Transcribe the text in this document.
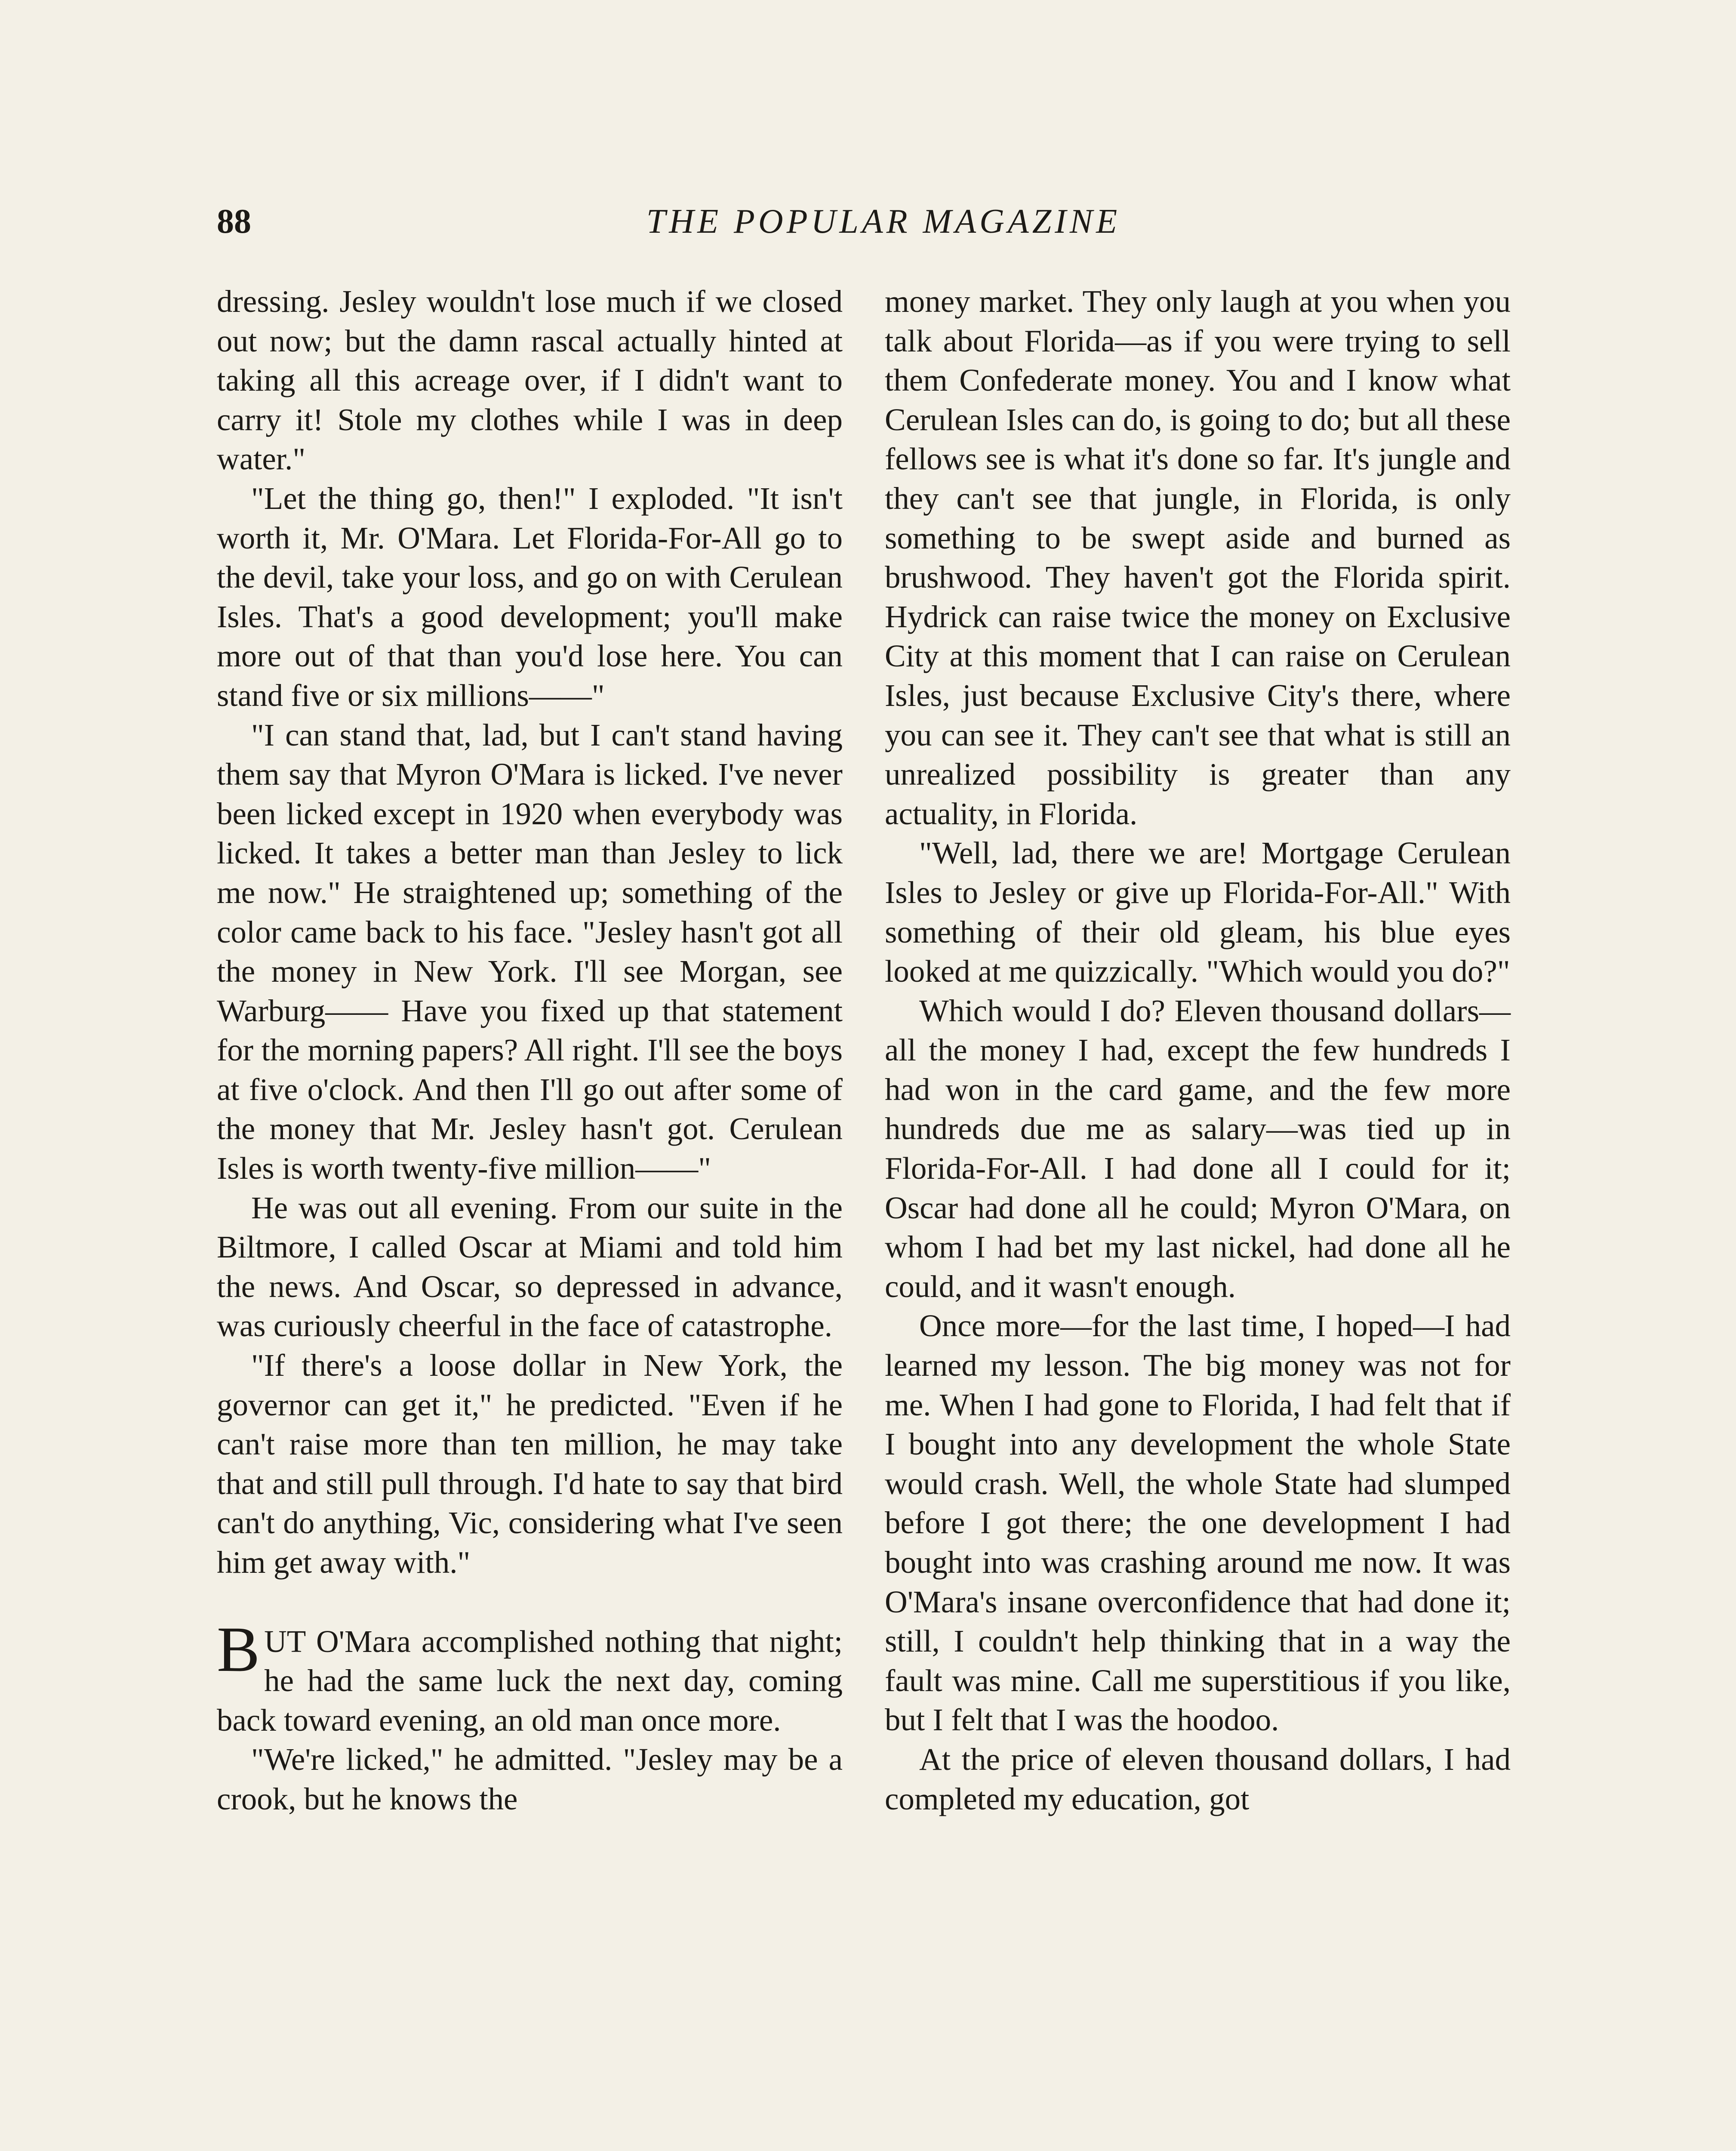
88	THE POPULAR MAGAZINE

dressing. Jesley wouldn't lose much if we closed out now; but the damn rascal actually hinted at taking all this acreage over, if I didn't want to carry it! Stole my clothes while I was in deep water."

"Let the thing go, then!" I exploded. "It isn't worth it, Mr. O'Mara. Let Florida-For-All go to the devil, take your loss, and go on with Cerulean Isles. That's a good development; you'll make more out of that than you'd lose here. You can stand five or six millions——"

"I can stand that, lad, but I can't stand having them say that Myron O'Mara is licked. I've never been licked except in 1920 when everybody was licked. It takes a better man than Jesley to lick me now." He straightened up; something of the color came back to his face. "Jesley hasn't got all the money in New York. I'll see Morgan, see Warburg—— Have you fixed up that statement for the morning papers? All right. I'll see the boys at five o'clock. And then I'll go out after some of the money that Mr. Jesley hasn't got. Cerulean Isles is worth twenty-five million——"

He was out all evening. From our suite in the Biltmore, I called Oscar at Miami and told him the news. And Oscar, so depressed in advance, was curiously cheerful in the face of catastrophe.

"If there's a loose dollar in New York, the governor can get it," he predicted. "Even if he can't raise more than ten million, he may take that and still pull through. I'd hate to say that bird can't do anything, Vic, considering what I've seen him get away with."

BUT O'Mara accomplished nothing that night; he had the same luck the next day, coming back toward evening, an old man once more.

"We're licked," he admitted. "Jesley may be a crook, but he knows the

money market. They only laugh at you when you talk about Florida—as if you were trying to sell them Confederate money. You and I know what Cerulean Isles can do, is going to do; but all these fellows see is what it's done so far. It's jungle and they can't see that jungle, in Florida, is only something to be swept aside and burned as brushwood. They haven't got the Florida spirit. Hydrick can raise twice the money on Exclusive City at this moment that I can raise on Cerulean Isles, just because Exclusive City's there, where you can see it. They can't see that what is still an unrealized possibility is greater than any actuality, in Florida.

"Well, lad, there we are! Mortgage Cerulean Isles to Jesley or give up Florida-For-All." With something of their old gleam, his blue eyes looked at me quizzically. "Which would you do?"

Which would I do? Eleven thousand dollars—all the money I had, except the few hundreds I had won in the card game, and the few more hundreds due me as salary—was tied up in Florida-For-All. I had done all I could for it; Oscar had done all he could; Myron O'Mara, on whom I had bet my last nickel, had done all he could, and it wasn't enough.

Once more—for the last time, I hoped—I had learned my lesson. The big money was not for me. When I had gone to Florida, I had felt that if I bought into any development the whole State would crash. Well, the whole State had slumped before I got there; the one development I had bought into was crashing around me now. It was O'Mara's insane overconfidence that had done it; still, I couldn't help thinking that in a way the fault was mine. Call me superstitious if you like, but I felt that I was the hoodoo.

At the price of eleven thousand dollars, I had completed my education, got
